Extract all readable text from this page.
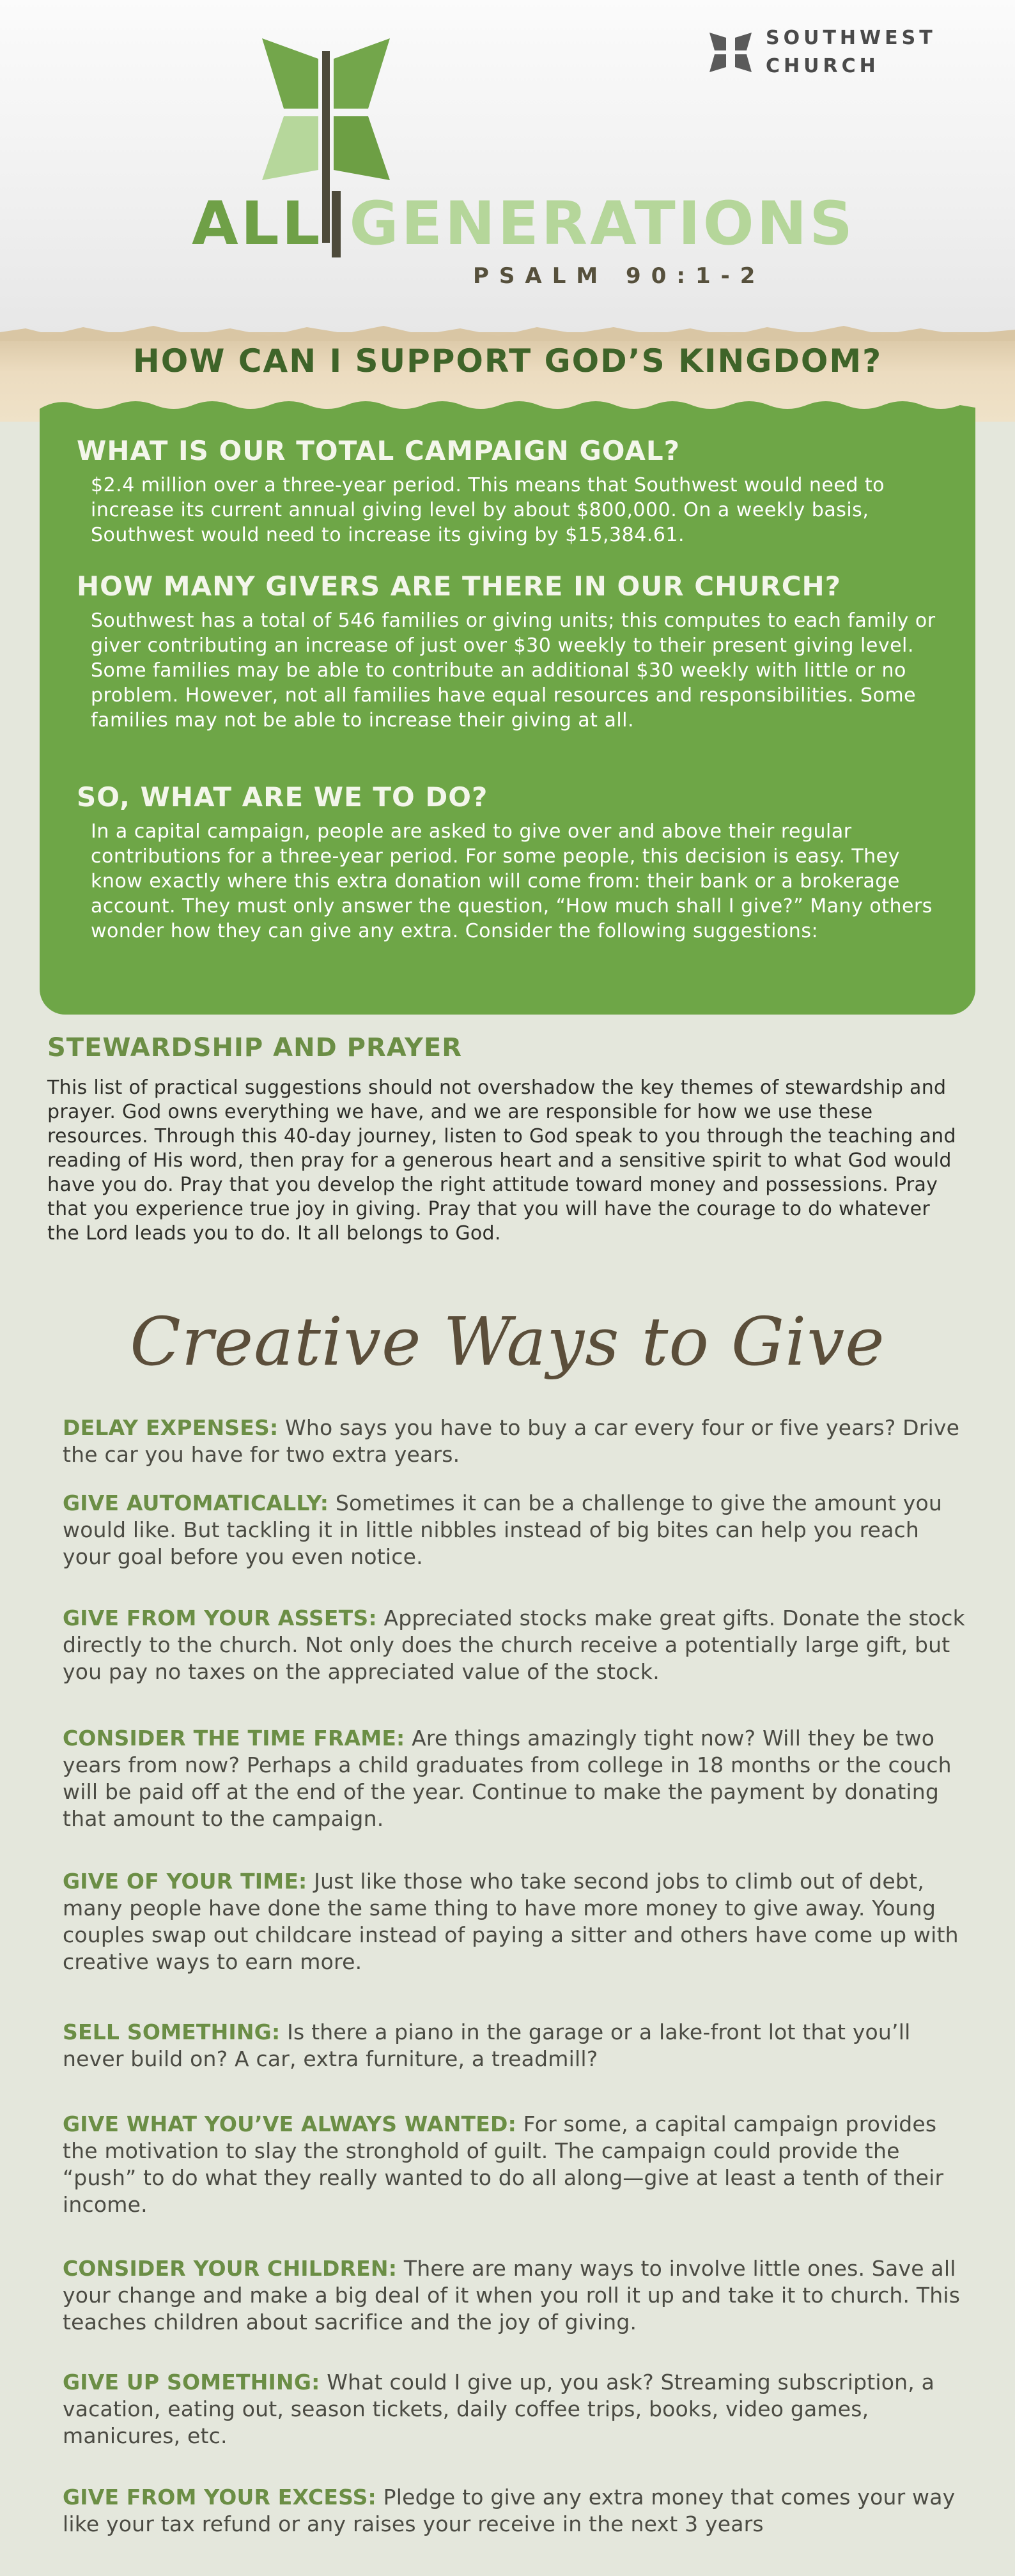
SOUTHWEST
CHURCH
ALL GENERATIONS
PSALM 90:1-2
HOW CAN I SUPPORT GOD’S KINGDOM?
WHAT IS OUR TOTAL CAMPAIGN GOAL?
$2.4 million over a three-year period. This means that Southwest would need to increase its current annual giving level by about $800,000. On a weekly basis, Southwest would need to increase its giving by $15,384.61.
HOW MANY GIVERS ARE THERE IN OUR CHURCH?
Southwest has a total of 546 families or giving units; this computes to each family or giver contributing an increase of just over $30 weekly to their present giving level. Some families may be able to contribute an additional $30 weekly with little or no problem. However, not all families have equal resources and responsibilities. Some families may not be able to increase their giving at all.
SO, WHAT ARE WE TO DO?
In a capital campaign, people are asked to give over and above their regular contributions for a three-year period. For some people, this decision is easy. They know exactly where this extra donation will come from: their bank or a brokerage account. They must only answer the question, “How much shall I give?” Many others wonder how they can give any extra. Consider the following suggestions:
STEWARDSHIP AND PRAYER

This list of practical suggestions should not overshadow the key themes of stewardship and prayer. God owns everything we have, and we are responsible for how we use these resources. Through this 40-day journey, listen to God speak to you through the teaching and reading of His word, then pray for a generous heart and a sensitive spirit to what God would have you do. Pray that you develop the right attitude toward money and possessions. Pray that you experience true joy in giving. Pray that you will have the courage to do whatever the Lord leads you to do. It all belongs to God.

Creative Ways to Give
DELAY EXPENSES: Who says you have to buy a car every four or five years? Drive the car you have for two extra years.
GIVE AUTOMATICALLY: Sometimes it can be a challenge to give the amount you would like. But tackling it in little nibbles instead of big bites can help you reach your goal before you even notice.
GIVE FROM YOUR ASSETS: Appreciated stocks make great gifts. Donate the stock directly to the church. Not only does the church receive a potentially large gift, but you pay no taxes on the appreciated value of the stock.
CONSIDER THE TIME FRAME: Are things amazingly tight now? Will they be two years from now? Perhaps a child graduates from college in 18 months or the couch will be paid off at the end of the year. Continue to make the payment by donating that amount to the campaign.
GIVE OF YOUR TIME: Just like those who take second jobs to climb out of debt, many people have done the same thing to have more money to give away. Young couples swap out childcare instead of paying a sitter and others have come up with creative ways to earn more.
SELL SOMETHING: Is there a piano in the garage or a lake-front lot that you’ll never build on? A car, extra furniture, a treadmill?
GIVE WHAT YOU’VE ALWAYS WANTED: For some, a capital campaign provides the motivation to slay the stronghold of guilt. The campaign could provide the “push” to do what they really wanted to do all along—give at least a tenth of their income.
CONSIDER YOUR CHILDREN: There are many ways to involve little ones. Save all your change and make a big deal of it when you roll it up and take it to church. This teaches children about sacrifice and the joy of giving.
GIVE UP SOMETHING: What could I give up, you ask? Streaming subscription, a vacation, eating out, season tickets, daily coffee trips, books, video games, manicures, etc.
GIVE FROM YOUR EXCESS: Pledge to give any extra money that comes your way like your tax refund or any raises your receive in the next 3 years
